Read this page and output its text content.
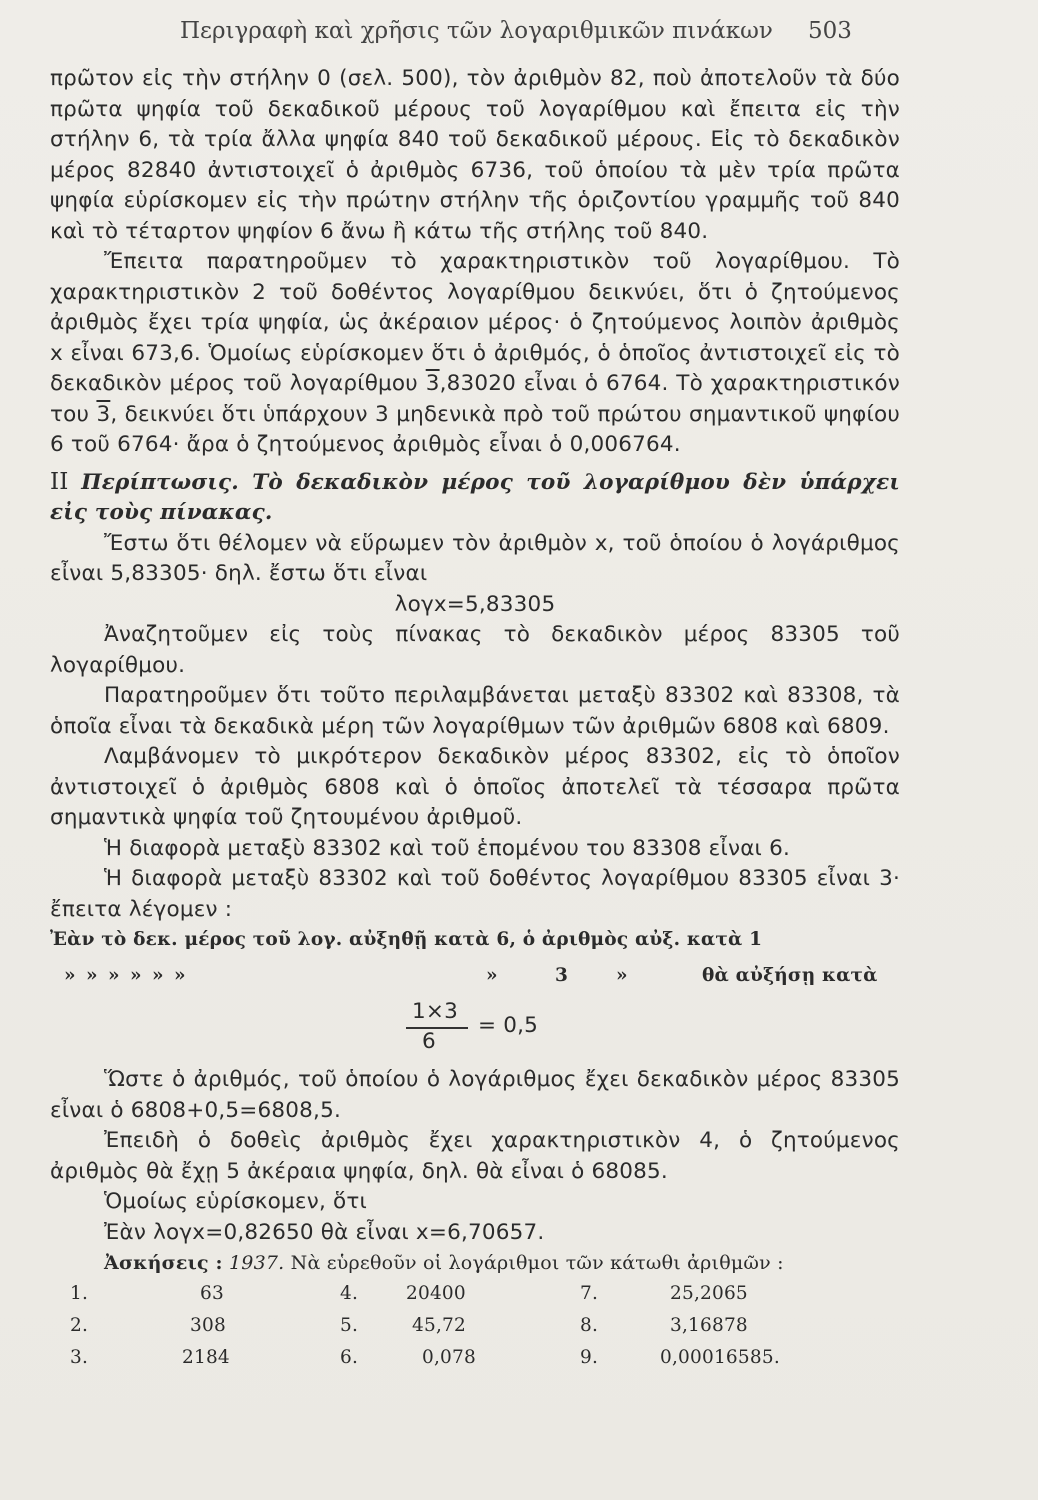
Περιγραφὴ καὶ χρῆσις τῶν λογαριθμικῶν πινάκων 503

πρῶτον εἰς τὴν στήλην 0 (σελ. 500), τὸν ἀριθμὸν 82, ποὺ ἀποτελοῦν τὰ δύο πρῶτα ψηφία τοῦ δεκαδικοῦ μέρους τοῦ λογαρίθμου καὶ ἔπειτα εἰς τὴν στήλην 6, τὰ τρία ἄλλα ψηφία 840 τοῦ δεκαδικοῦ μέρους. Εἰς τὸ δεκαδικὸν μέρος 82840 ἀντιστοιχεῖ ὁ ἀριθμὸς 6736, τοῦ ὁποίου τὰ μὲν τρία πρῶτα ψηφία εὑρίσκομεν εἰς τὴν πρώτην στήλην τῆς ὁριζοντίου γραμμῆς τοῦ 840 καὶ τὸ τέταρτον ψηφίον 6 ἄνω ἢ κάτω τῆς στήλης τοῦ 840.

Ἔπειτα παρατηροῦμεν τὸ χαρακτηριστικὸν τοῦ λογαρίθμου. Τὸ χαρακτηριστικὸν 2 τοῦ δοθέντος λογαρίθμου δεικνύει, ὅτι ὁ ζητούμενος ἀριθμὸς ἔχει τρία ψηφία, ὡς ἀκέραιον μέρος· ὁ ζητούμενος λοιπὸν ἀριθμὸς x εἶναι 673,6. Ὁμοίως εὑρίσκομεν ὅτι ὁ ἀριθμός, ὁ ὁποῖος ἀντιστοιχεῖ εἰς τὸ δεκαδικὸν μέρος τοῦ λογαρίθμου 3,83020 εἶναι ὁ 6764. Τὸ χαρακτηριστικόν του 3, δεικνύει ὅτι ὑπάρχουν 3 μηδενικὰ πρὸ τοῦ πρώτου σημαντικοῦ ψηφίου 6 τοῦ 6764· ἄρα ὁ ζητούμενος ἀριθμὸς εἶναι ὁ 0,006764.

II Περίπτωσις. Τὸ δεκαδικὸν μέρος τοῦ λογαρίθμου δὲν ὑπάρχει εἰς τοὺς πίνακας.

Ἔστω ὅτι θέλομεν νὰ εὕρωμεν τὸν ἀριθμὸν x, τοῦ ὁποίου ὁ λογάριθμος εἶναι 5,83305· δηλ. ἔστω ὅτι εἶναι

λογx=5,83305

Ἀναζητοῦμεν εἰς τοὺς πίνακας τὸ δεκαδικὸν μέρος 83305 τοῦ λογαρίθμου.

Παρατηροῦμεν ὅτι τοῦτο περιλαμβάνεται μεταξὺ 83302 καὶ 83308, τὰ ὁποῖα εἶναι τὰ δεκαδικὰ μέρη τῶν λογαρίθμων τῶν ἀριθμῶν 6808 καὶ 6809.

Λαμβάνομεν τὸ μικρότερον δεκαδικὸν μέρος 83302, εἰς τὸ ὁποῖον ἀντιστοιχεῖ ὁ ἀριθμὸς 6808 καὶ ὁ ὁποῖος ἀποτελεῖ τὰ τέσσαρα πρῶτα σημαντικὰ ψηφία τοῦ ζητουμένου ἀριθμοῦ.

Ἡ διαφορὰ μεταξὺ 83302 καὶ τοῦ ἑπομένου του 83308 εἶναι 6.

Ἡ διαφορὰ μεταξὺ 83302 καὶ τοῦ δοθέντος λογαρίθμου 83305 εἶναι 3· ἔπειτα λέγομεν :

Ἐὰν τὸ δεκ. μέρος τοῦ λογ. αὐξηθῇ κατὰ 6, ὁ ἀριθμὸς αὐξ. κατὰ 1
» » » » » »	»	3	»	θὰ αὐξήσῃ κατὰ
1×3
6
= 0,5

Ὥστε ὁ ἀριθμός, τοῦ ὁποίου ὁ λογάριθμος ἔχει δεκαδικὸν μέρος 83305 εἶναι ὁ 6808+0,5=6808,5.

Ἐπειδὴ ὁ δοθεὶς ἀριθμὸς ἔχει χαρακτηριστικὸν 4, ὁ ζητούμενος ἀριθμὸς θὰ ἔχῃ 5 ἀκέραια ψηφία, δηλ. θὰ εἶναι ὁ 68085.

Ὁμοίως εὑρίσκομεν, ὅτι

Ἐὰν λογx=0,82650 θὰ εἶναι x=6,70657.

Ἀσκήσεις : 1937. Νὰ εὑρεθοῦν οἱ λογάριθμοι τῶν κάτωθι ἀριθμῶν :

1.	63
2.	308
3.	2184
4.	20400
5.	45,72
6.	0,078
7.	25,2065
8.	3,16878
9.	0,00016585.
